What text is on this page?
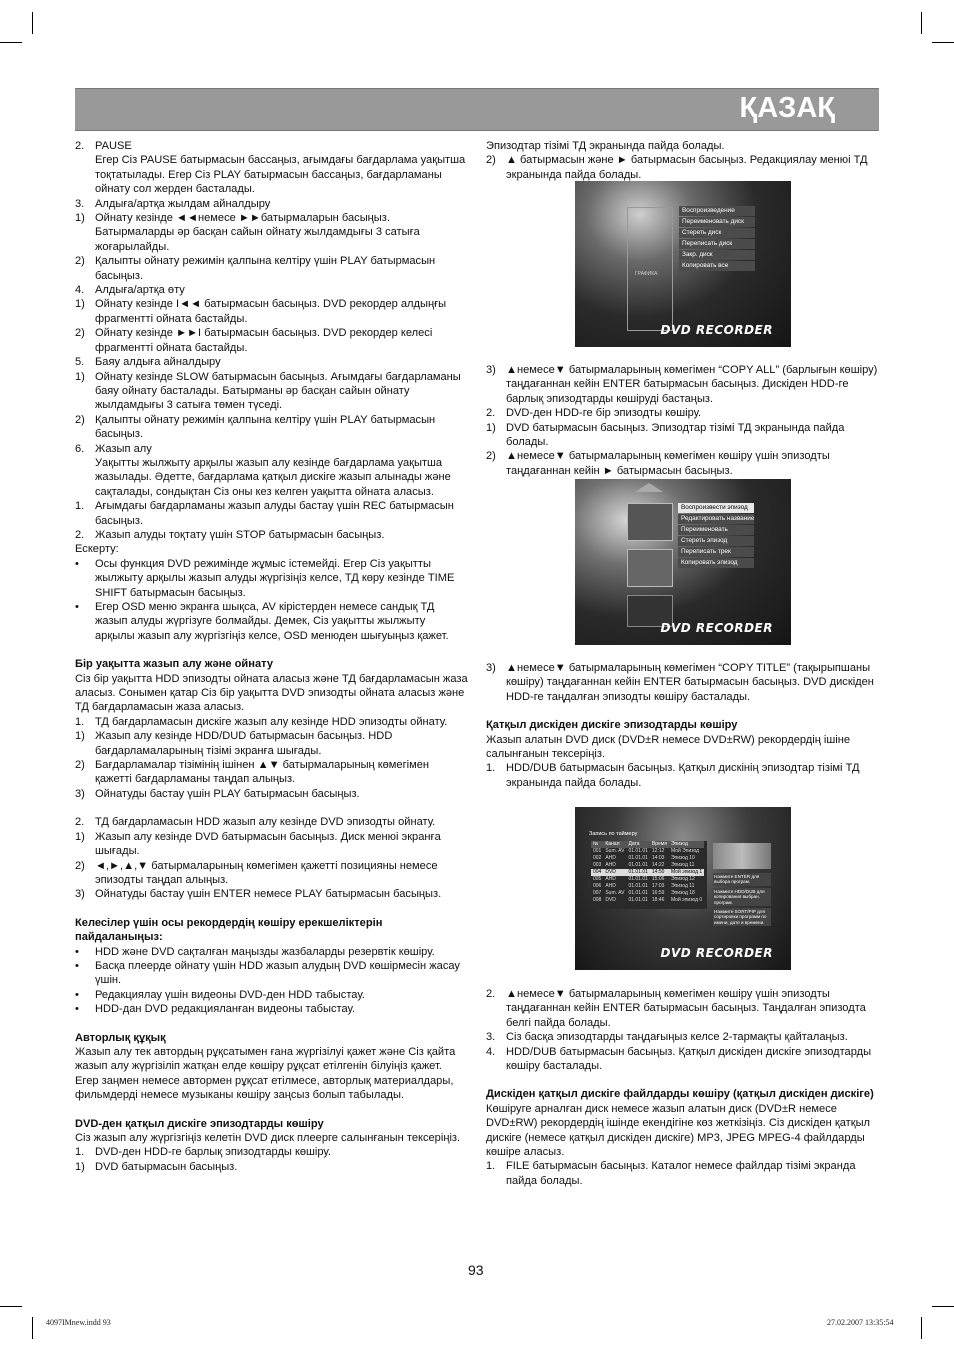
ҚАЗАҚ
2. PAUSE

Егер Сіз PAUSE батырмасын бассаңыз, ағымдағы бағдарлама уақытша тоқтатылады. Егер Сіз PLAY батырмасын бассаңыз, бағдарламаны ойнату сол жерден басталады.

3. Алдыға/артқа жылдам айналдыру
1) Ойнату кезінде ◄◄немесе ►►батырмаларын басыңыз. Батырмаларды әр басқан сайын ойнату жылдамдығы 3 сатыға жоғарылайды.
2) Қалыпты ойнату режимін қалпына келтіру үшін PLAY батырмасын басыңыз.
4. Алдыға/артқа өту
1) Ойнату кезінде I◄◄ батырмасын басыңыз. DVD рекордер алдыңғы фрагментті ойната бастайды.
2) Ойнату кезінде ►►I батырмасын басыңыз. DVD рекордер келесі фрагментті ойната бастайды.
5. Баяу алдыға айналдыру
1) Ойнату кезінде SLOW батырмасын басыңыз. Ағымдағы бағдарламаны баяу ойнату басталады. Батырманы әр басқан сайын ойнату жылдамдығы 3 сатыға төмен түседі.
2) Қалыпты ойнату режимін қалпына келтіру үшін PLAY батырмасын басыңыз.
6. Жазып алу

Уақытты жылжыту арқылы жазып алу кезінде бағдарлама уақытша жазылады. Әдетте, бағдарлама қатқыл дискіге жазып алынады және сақталады, сондықтан Сіз оны кез келген уақытта ойната аласыз.

1. Ағымдағы бағдарламаны жазып алуды бастау үшін REC батырмасын басыңыз.
2. Жазып алуды тоқтату үшін STOP батырмасын басыңыз.

Ескерту:

• Осы функция DVD режимінде жұмыс істемейді. Егер Сіз уақытты жылжыту арқылы жазып алуды жүргізіңіз келсе, ТД көру кезінде TIME SHIFT батырмасын басыңыз.
• Егер OSD меню экранға шықса, AV кірістерден немесе сандық ТД жазып алуды жүргізуге болмайды. Демек, Сіз уақытты жылжыту арқылы жазып алу жүргізгіңіз келсе, OSD менюден шығуыңыз қажет.

Бір уақытта жазып алу және ойнату

Сіз бір уақытта HDD эпизодты ойната аласыз және ТД бағдарламасын жаза аласыз. Сонымен қатар Сіз бір уақытта DVD эпизодты ойната аласыз және ТД бағдарламасын жаза аласыз.

1. ТД бағдарламасын дискіге жазып алу кезінде HDD эпизодты ойнату.
1) Жазып алу кезінде HDD/DUD батырмасын басыңыз. HDD бағдарламаларының тізімі экранға шығады.
2) Бағдарламалар тізімінің ішінен ▲▼ батырмаларының көмегімен қажетті бағдарламаны таңдап алыңыз.
3) Ойнатуды бастау үшін PLAY батырмасын басыңыз.
2. ТД бағдарламасын HDD жазып алу кезінде DVD эпизодты ойнату.
1) Жазып алу кезінде DVD батырмасын басыңыз. Диск менюі экранға шығады.
2) ◄,►,▲,▼ батырмаларының көмегімен қажетті позицияны немесе эпизодты таңдап алыңыз.
3) Ойнатуды бастау үшін ENTER немесе PLAY батырмасын басыңыз.

Келесілер үшін осы рекордердің көшіру ерекшеліктерін пайдаланыңыз:

• HDD және DVD сақталған маңызды жазбаларды резервтік көшіру.
• Басқа плеерде ойнату үшін HDD жазып алудың DVD көшірмесін жасау үшін.
• Редакциялау үшін видеоны DVD-ден HDD табыстау.
• HDD-дан DVD редакцияланған видеоны табыстау.

Авторлық құқық

Жазып алу тек автордың рұқсатымен ғана жүргізілуі қажет және Сіз қайта жазып алу жүргізіліп жатқан елде көшіру рұқсат етілгенін білуіңіз қажет. Егер заңмен немесе автормен рұқсат етілмесе, авторлық материалдары, фильмдерді немесе музыканы көшіру заңсыз болып табылады.

DVD-ден қатқыл дискіге эпизодтарды көшіру

Сіз жазып алу жүргізгіңіз келетін DVD диск плеерге салынғанын тексеріңіз.

1. DVD-ден HDD-ге барлық эпизодтарды көшіру.
1) DVD батырмасын басыңыз.

Эпизодтар тізімі ТД экранында пайда болады.

2) ▲ батырмасын және ► батырмасын басыңыз. Редакциялау менюі ТД экранында пайда болады.
ГРАФИКА
Воспроизведение
Переименовать диск
Стереть диск
Переписать диск
Закр. диск
Копировать все
DVD RECORDER
3) ▲немесе▼ батырмаларының көмегімен “COPY ALL” (барлығын көшіру) таңдағаннан кейін ENTER батырмасын басыңыз. Дискіден HDD-ге барлық эпизодтарды көшіруді бастаңыз.
2. DVD-ден HDD-ге бір эпизодты көшіру.
1) DVD батырмасын басыңыз. Эпизодтар тізімі ТД экранында пайда болады.
2) ▲немесе▼ батырмаларының көмегімен көшіру үшін эпизодты таңдағаннан кейін ► батырмасын басыңыз.
Воспроизвести эпизод
Редактировать название
Переименовать
Стереть эпизод
Переписать трек
Копировать эпизод
DVD RECORDER
3) ▲немесе▼ батырмаларының көмегімен “COPY TITLE” (тақырыпшаны көшіру) таңдағаннан кейін ENTER батырмасын басыңыз. DVD дискіден HDD-ге таңдалған эпизодты көшіру басталады.

Қатқыл дискіден дискіге эпизодтарды көшіру

Жазып алатын DVD диск (DVD±R немесе DVD±RW) рекордердің ішіне салынғанын тексеріңіз.

1. HDD/DUB батырмасын басыңыз. Қатқыл дискінің эпизодтар тізімі ТД экранында пайда болады.
Запись по таймеру
№	Канал	Дата	Время	Эпизод
001	Sum. AV	01.01.01	12:12	Мой Эпизод
002	AHD	01.01.01	14:03	Эпизод 10
003	AHD	01.01.01	14:22	Эпизод 11
004	DVD	01.01.01	14:50	Мой эпизод 1
005	AHD	01.01.01	15:06	Эпизод 12
006	AHD	01.01.01	17:03	Эпизод 11
007	Sum. AV	01.01.01	16:59	Эпизод 18
008	DVD	01.01.01	18:46	Мой эпизод 0
Нажмите ENTER для выбора програм.
Нажмите HDD/DUB для копирования выбран. програм.
Нажмите SORT/PIP для сортировки программ по имени, дате и времени.
DVD RECORDER
2. ▲немесе▼ батырмаларының көмегімен көшіру үшін эпизодты таңдағаннан кейін ENTER батырмасын басыңыз. Таңдалған эпизодта белгі пайда болады.
3. Сіз басқа эпизодтарды таңдағыңыз келсе 2-тармақты қайталаңыз.
4. HDD/DUB батырмасын басыңыз. Қатқыл дискіден дискіге эпизодтарды көшіру басталады.

Дискіден қатқыл дискіге файлдарды көшіру (қатқыл дискіден дискіге)

Көшіруге арналған диск немесе жазып алатын диск (DVD±R немесе DVD±RW) рекордердің ішінде екендігіне көз жеткізіңіз. Сіз дискіден қатқыл дискіге (немесе қатқыл дискіден дискіге) MP3, JPEG MPEG-4 файлдарды көшіре аласыз.

1. FILE батырмасын басыңыз. Каталог немесе файлдар тізімі экранда пайда болады.
93
4097IMnew.indd 93	27.02.2007 13:35:54
